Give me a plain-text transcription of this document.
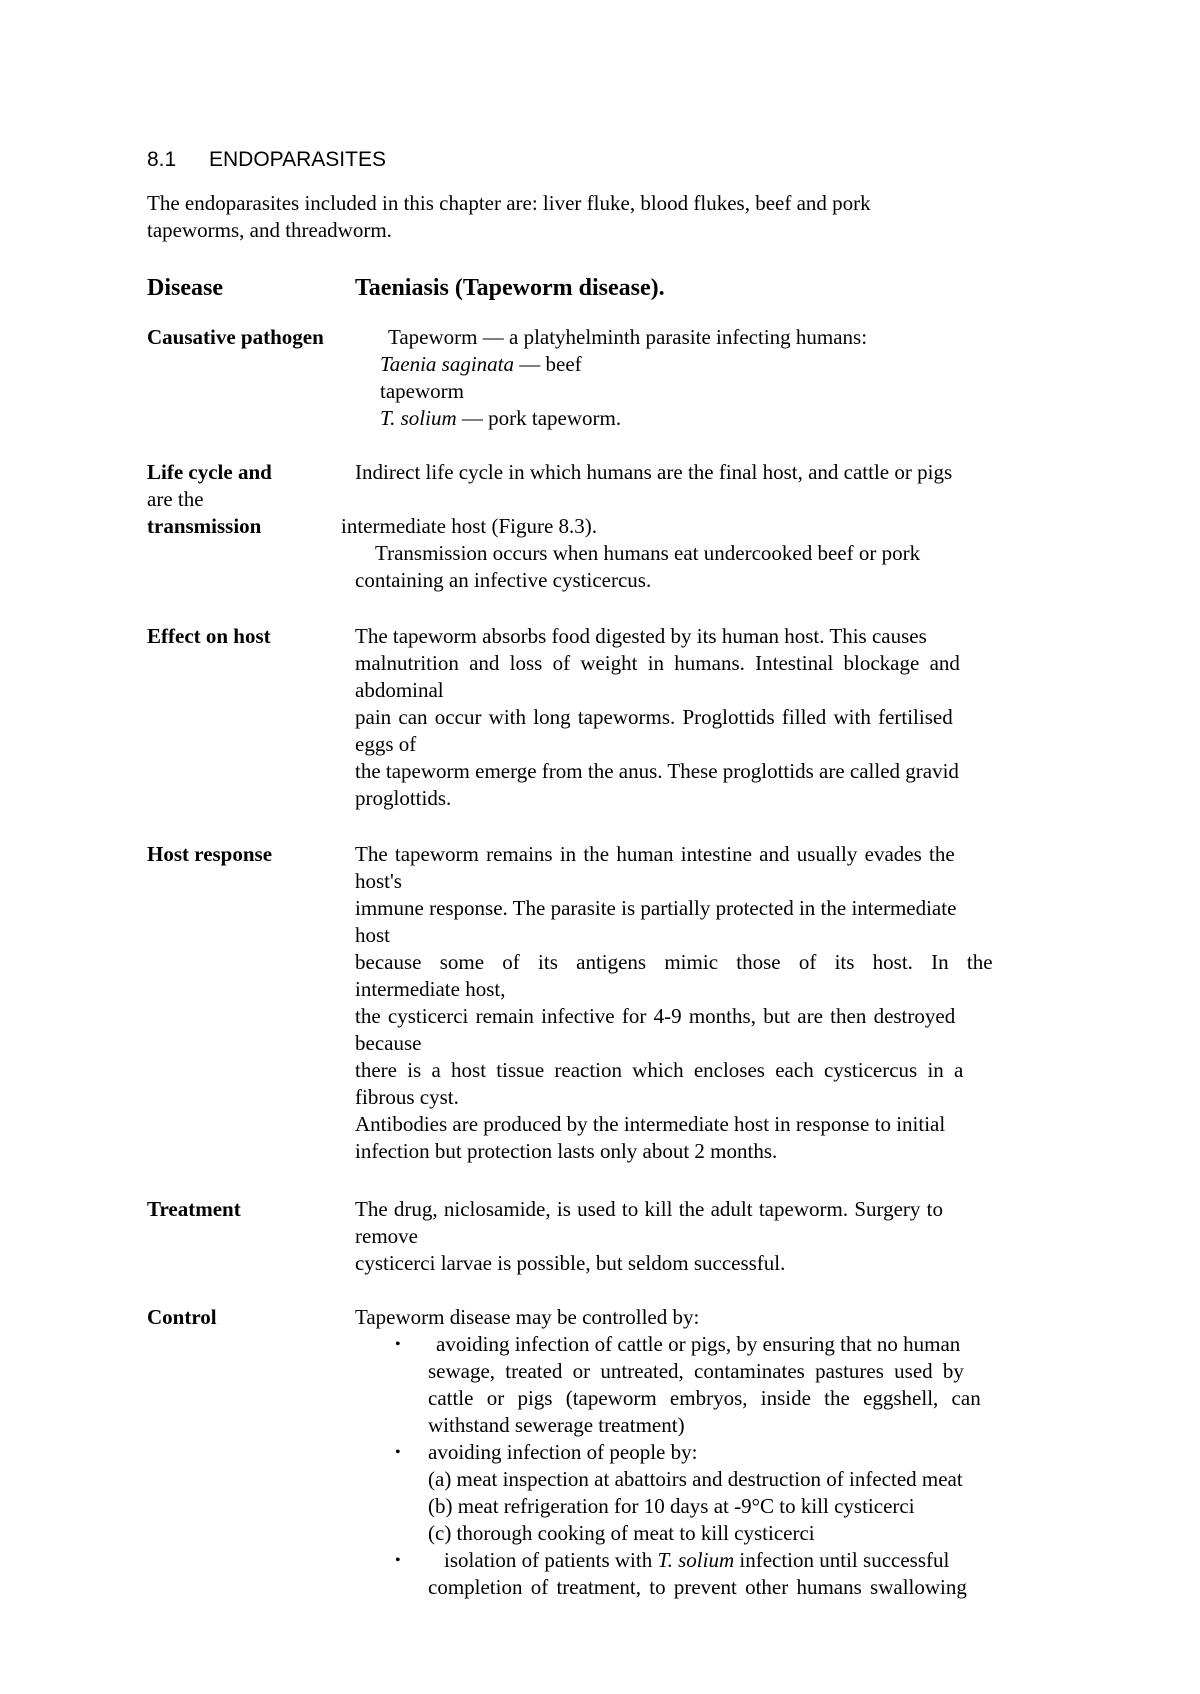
8.1 ENDOPARASITES
The endoparasites included in this chapter are: liver fluke, blood flukes, beef and pork
tapeworms, and threadworm.
Disease	Taeniasis (Tapeworm disease).
Causative pathogen	Tapeworm — a platyhelminth parasite infecting humans:
Taenia saginata — beef
tapeworm
T. solium — pork tapeworm.
Life cycle and	Indirect life cycle in which humans are the final host, and cattle or pigs
are the
transmission	intermediate host (Figure 8.3).
Transmission occurs when humans eat undercooked beef or pork
containing an infective cysticercus.
Effect on host	The tapeworm absorbs food digested by its human host. This causes
malnutrition and loss of weight in humans. Intestinal blockage and
abdominal
pain can occur with long tapeworms. Proglottids filled with fertilised
eggs of
the tapeworm emerge from the anus. These proglottids are called gravid
proglottids.
Host response	The tapeworm remains in the human intestine and usually evades the
host's
immune response. The parasite is partially protected in the intermediate
host
because some of its antigens mimic those of its host. In the
intermediate host,
the cysticerci remain infective for 4-9 months, but are then destroyed
because
there is a host tissue reaction which encloses each cysticercus in a
fibrous cyst.
Antibodies are produced by the intermediate host in response to initial
infection but protection lasts only about 2 months.
Treatment	The drug, niclosamide, is used to kill the adult tapeworm. Surgery to
remove
cysticerci larvae is possible, but seldom successful.
Control	Tapeworm disease may be controlled by:
• avoiding infection of cattle or pigs, by ensuring that no human
sewage, treated or untreated, contaminates pastures used by
cattle or pigs (tapeworm embryos, inside the eggshell, can
withstand sewerage treatment)
• avoiding infection of people by:
(a) meat inspection at abattoirs and destruction of infected meat
(b) meat refrigeration for 10 days at -9°C to kill cysticerci
(c) thorough cooking of meat to kill cysticerci
• isolation of patients with T. solium infection until successful
completion of treatment, to prevent other humans swallowing
